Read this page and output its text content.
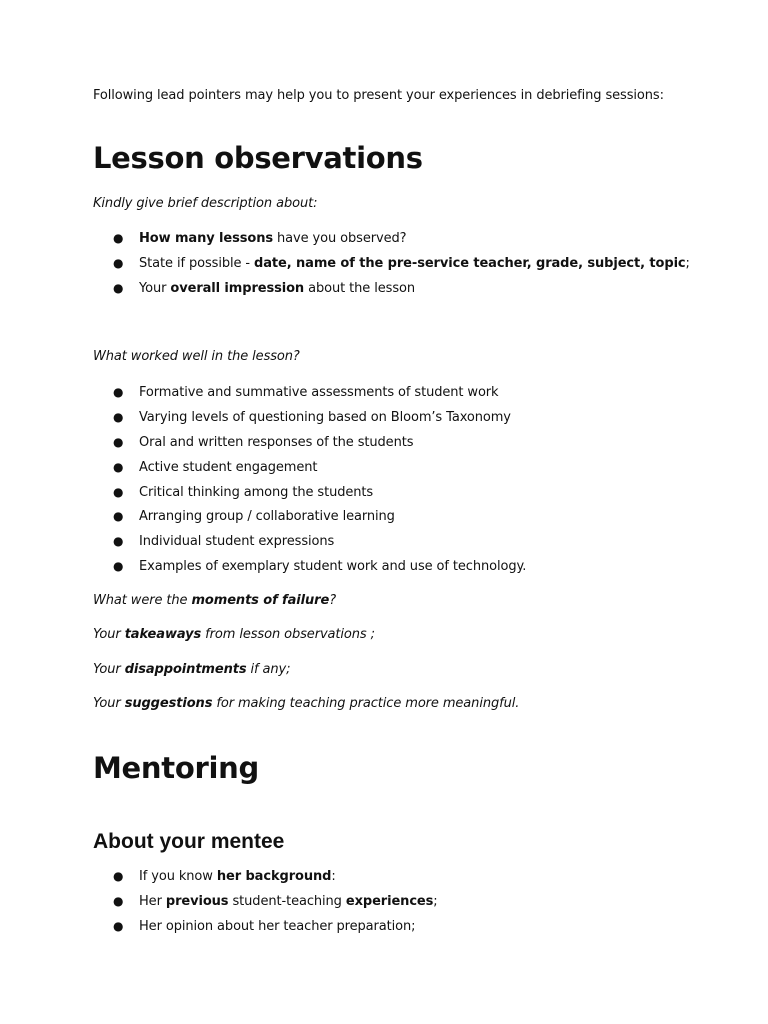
Following lead pointers may help you to present your experiences in debriefing sessions:
Lesson observations
Kindly give brief description about:
● How many lessons have you observed?
● State if possible - date, name of the pre-service teacher, grade, subject, topic;
● Your overall impression about the lesson
What worked well in the lesson?
● Formative and summative assessments of student work
● Varying levels of questioning based on Bloom’s Taxonomy
● Oral and written responses of the students
● Active student engagement
● Critical thinking among the students
● Arranging group / collaborative learning
● Individual student expressions
● Examples of exemplary student work and use of technology.
What were the moments of failure?
Your takeaways from lesson observations ;
Your disappointments if any;
Your suggestions for making teaching practice more meaningful.
Mentoring
About your mentee
● If you know her background:
● Her previous student-teaching experiences;
● Her opinion about her teacher preparation;
